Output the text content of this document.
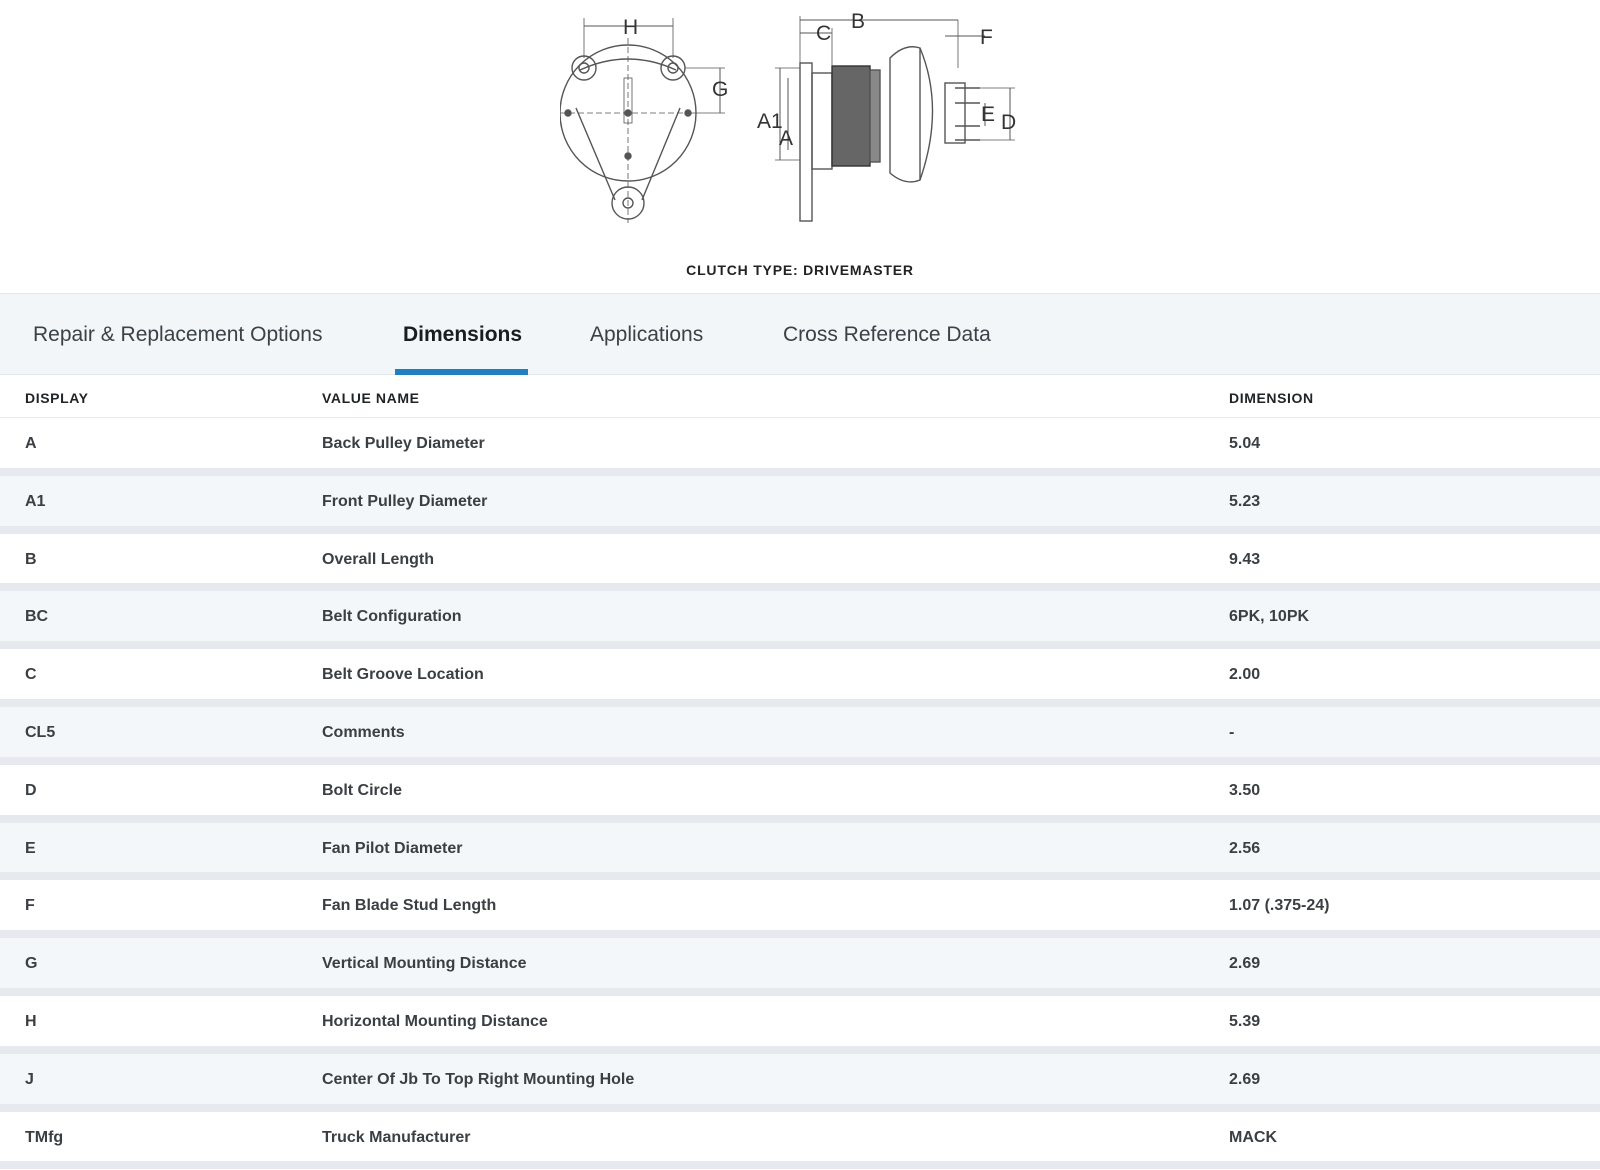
H
G
C
B
F
A1
A
E D
CLUTCH TYPE: DRIVEMASTER
Repair & Replacement Options	Dimensions	Applications	Cross Reference Data
DISPLAY	VALUE NAME	DIMENSION
A	Back Pulley Diameter	5.04
A1	Front Pulley Diameter	5.23
B	Overall Length	9.43
BC	Belt Configuration	6PK, 10PK
C	Belt Groove Location	2.00
CL5	Comments	-
D	Bolt Circle	3.50
E	Fan Pilot Diameter	2.56
F	Fan Blade Stud Length	1.07 (.375-24)
G	Vertical Mounting Distance	2.69
H	Horizontal Mounting Distance	5.39
J	Center Of Jb To Top Right Mounting Hole	2.69
TMfg	Truck Manufacturer	MACK
